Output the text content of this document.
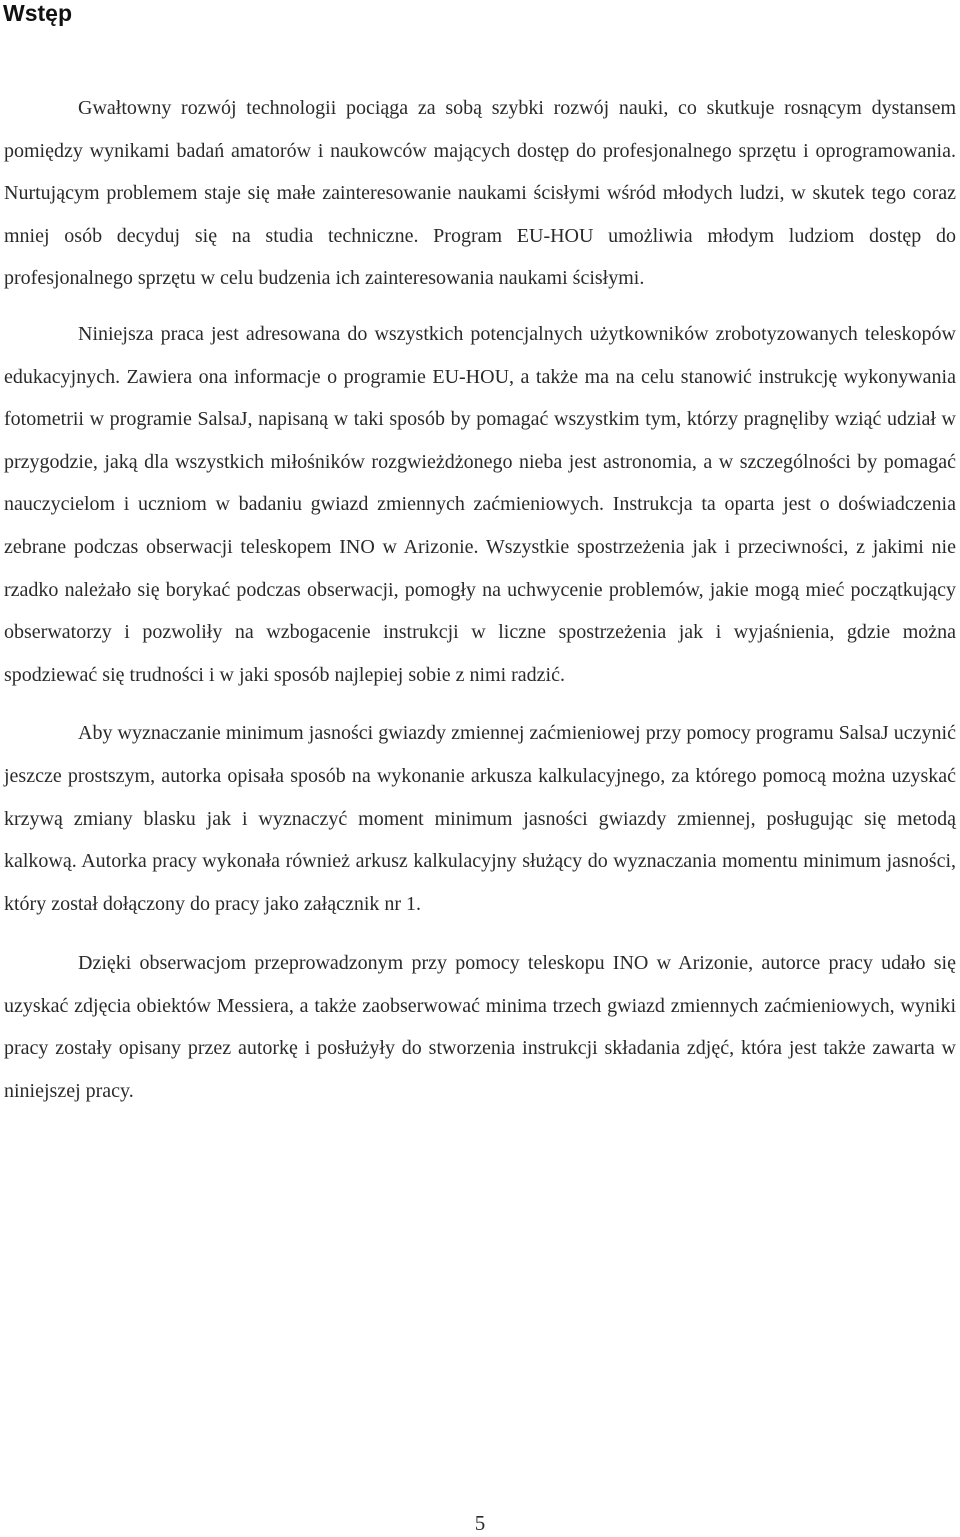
Wstęp

Gwałtowny rozwój technologii pociąga za sobą szybki rozwój nauki, co skutkuje rosnącym dystansem pomiędzy wynikami badań amatorów i naukowców mających dostęp do profesjonalnego sprzętu i oprogramowania. Nurtującym problemem staje się małe zainteresowanie naukami ścisłymi wśród młodych ludzi, w skutek tego coraz mniej osób decyduj się na studia techniczne. Program EU-HOU umożliwia młodym ludziom dostęp do profesjonalnego sprzętu w celu budzenia ich zainteresowania naukami ścisłymi.

Niniejsza praca jest adresowana do wszystkich potencjalnych użytkowników zrobotyzowanych teleskopów edukacyjnych. Zawiera ona informacje o programie EU-HOU, a także ma na celu stanowić instrukcję wykonywania fotometrii w programie SalsaJ, napisaną w taki sposób by pomagać wszystkim tym, którzy pragnęliby wziąć udział w przygodzie, jaką dla wszystkich miłośników rozgwieżdżonego nieba jest astronomia, a w szczególności by pomagać nauczycielom i uczniom w badaniu gwiazd zmiennych zaćmieniowych. Instrukcja ta oparta jest o doświadczenia zebrane podczas obserwacji teleskopem INO w Arizonie. Wszystkie spostrzeżenia jak i przeciwności, z jakimi nie rzadko należało się borykać podczas obserwacji, pomogły na uchwycenie problemów, jakie mogą mieć początkujący obserwatorzy i pozwoliły na wzbogacenie instrukcji w liczne spostrzeżenia jak i wyjaśnienia, gdzie można spodziewać się trudności i w jaki sposób najlepiej sobie z nimi radzić.

Aby wyznaczanie minimum jasności gwiazdy zmiennej zaćmieniowej przy pomocy programu SalsaJ uczynić jeszcze prostszym, autorka opisała sposób na wykonanie arkusza kalkulacyjnego, za którego pomocą można uzyskać krzywą zmiany blasku jak i wyznaczyć moment minimum jasności gwiazdy zmiennej, posługując się metodą kalkową. Autorka pracy wykonała również arkusz kalkulacyjny służący do wyznaczania momentu minimum jasności, który został dołączony do pracy jako załącznik nr 1.

Dzięki obserwacjom przeprowadzonym przy pomocy teleskopu INO w Arizonie, autorce pracy udało się uzyskać zdjęcia obiektów Messiera, a także zaobserwować minima trzech gwiazd zmiennych zaćmieniowych, wyniki pracy zostały opisany przez autorkę i posłużyły do stworzenia instrukcji składania zdjęć, która jest także zawarta w niniejszej pracy.

5
